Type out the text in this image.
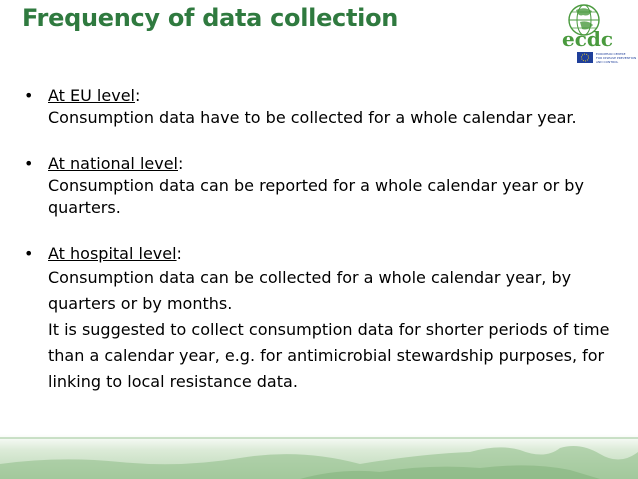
Frequency of data collection
ecdc
EUROPEAN CENTRE
FOR DISEASE PREVENTION
AND CONTROL
• At EU level:
Consumption data have to be collected for a whole calendar year.
• At national level:
Consumption data can be reported for a whole calendar year or by
quarters.
• At hospital level:
Consumption data can be collected for a whole calendar year, by
quarters or by months.
It is suggested to collect consumption data for shorter periods of time
than a calendar year, e.g. for antimicrobial stewardship purposes, for
linking to local resistance data.
